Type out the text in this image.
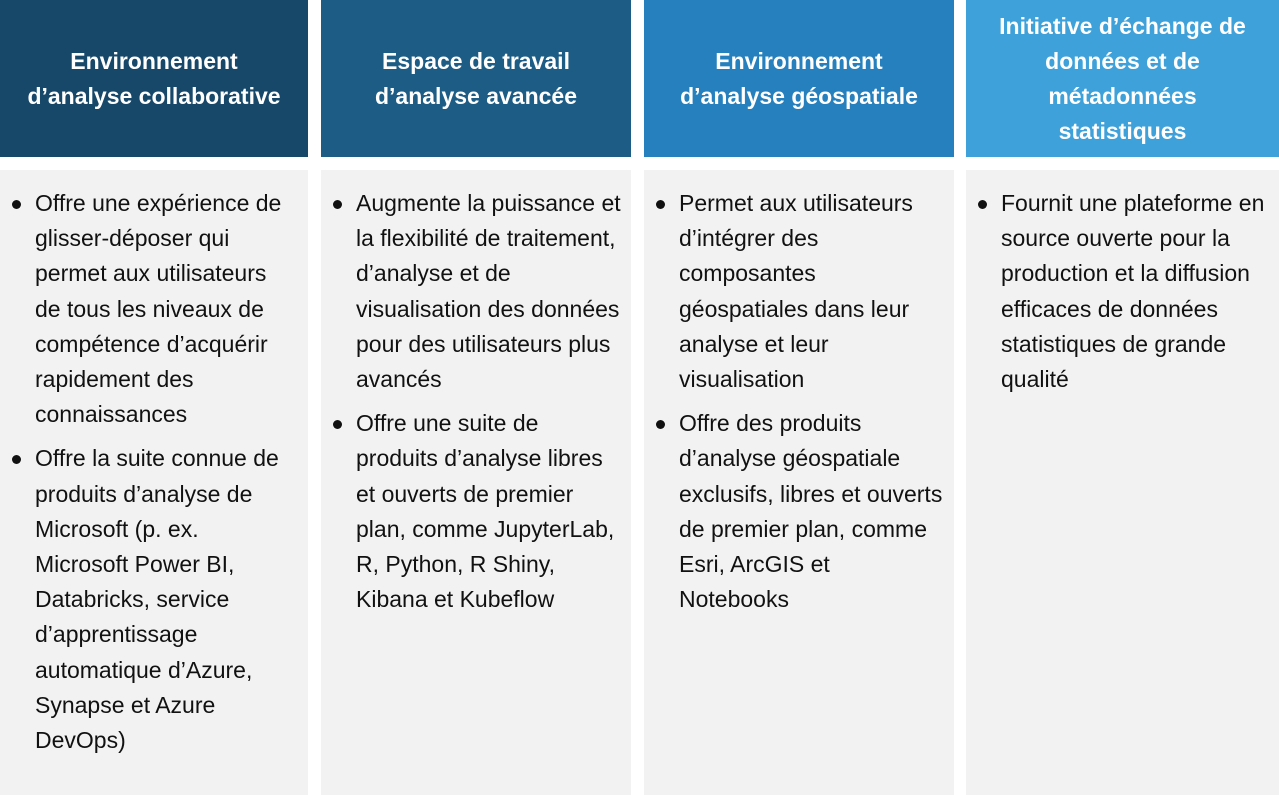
Environnement d’analyse collaborative
Offre une expérience de glisser-déposer qui permet aux utilisateurs de tous les niveaux de compétence d’acquérir rapidement des connaissances
Offre la suite connue de produits d’analyse de Microsoft (p. ex. Microsoft Power BI, Databricks, service d’apprentissage automatique d’Azure, Synapse et Azure DevOps)
Espace de travail d’analyse avancée
Augmente la puissance et la flexibilité de traitement, d’analyse et de visualisation des données pour des utilisateurs plus avancés
Offre une suite de produits d’analyse libres et ouverts de premier plan, comme JupyterLab, R, Python, R Shiny, Kibana et Kubeflow
Environnement d’analyse géospatiale
Permet aux utilisateurs d’intégrer des composantes géospatiales dans leur analyse et leur visualisation
Offre des produits d’analyse géospatiale exclusifs, libres et ouverts de premier plan, comme Esri, ArcGIS et Notebooks
Initiative d’échange de données et de métadonnées statistiques
Fournit une plateforme en source ouverte pour la production et la diffusion efficaces de données statistiques de grande qualité
